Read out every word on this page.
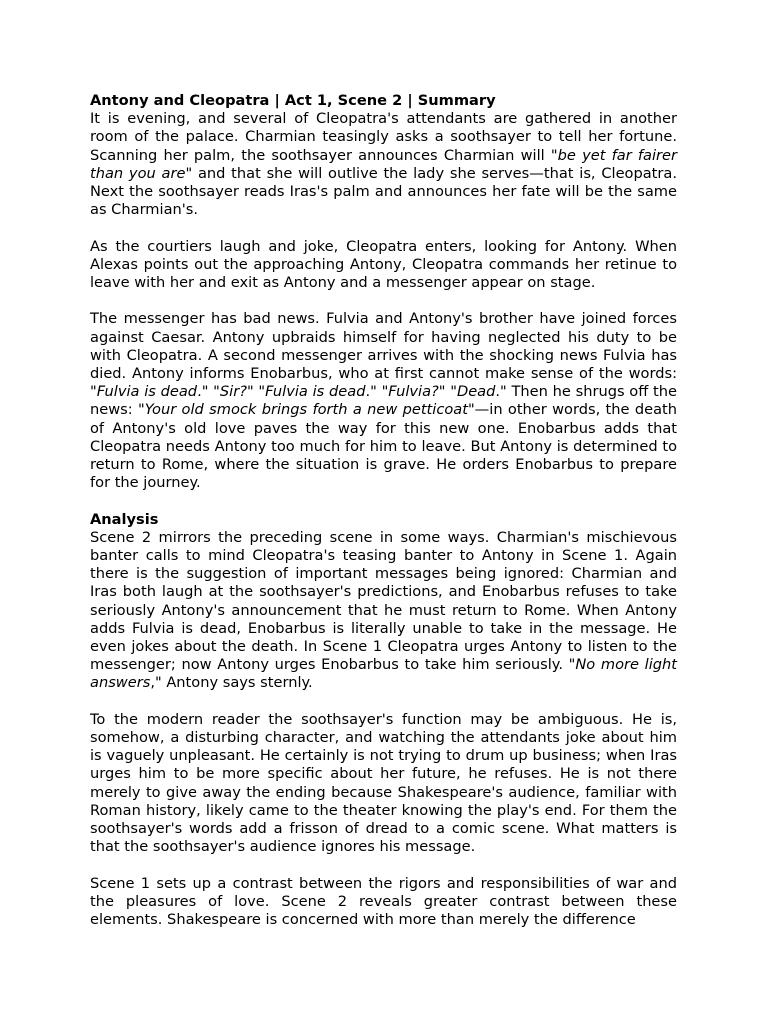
Antony and Cleopatra | Act 1, Scene 2 | Summary

It is evening, and several of Cleopatra's attendants are gathered in another room of the palace. Charmian teasingly asks a soothsayer to tell her fortune. Scanning her palm, the soothsayer announces Charmian will "be yet far fairer than you are" and that she will outlive the lady she serves—that is, Cleopatra. Next the soothsayer reads Iras's palm and announces her fate will be the same as Charmian's.

As the courtiers laugh and joke, Cleopatra enters, looking for Antony. When Alexas points out the approaching Antony, Cleopatra commands her retinue to leave with her and exit as Antony and a messenger appear on stage.

The messenger has bad news. Fulvia and Antony's brother have joined forces against Caesar. Antony upbraids himself for having neglected his duty to be with Cleopatra. A second messenger arrives with the shocking news Fulvia has died. Antony informs Enobarbus, who at first cannot make sense of the words: "Fulvia is dead." "Sir?" "Fulvia is dead." "Fulvia?" "Dead." Then he shrugs off the news: "Your old smock brings forth a new petticoat"—in other words, the death of Antony's old love paves the way for this new one. Enobarbus adds that Cleopatra needs Antony too much for him to leave. But Antony is determined to return to Rome, where the situation is grave. He orders Enobarbus to prepare for the journey.

Analysis

Scene 2 mirrors the preceding scene in some ways. Charmian's mischievous banter calls to mind Cleopatra's teasing banter to Antony in Scene 1. Again there is the suggestion of important messages being ignored: Charmian and Iras both laugh at the soothsayer's predictions, and Enobarbus refuses to take seriously Antony's announcement that he must return to Rome. When Antony adds Fulvia is dead, Enobarbus is literally unable to take in the message. He even jokes about the death. In Scene 1 Cleopatra urges Antony to listen to the messenger; now Antony urges Enobarbus to take him seriously. "No more light answers," Antony says sternly.

To the modern reader the soothsayer's function may be ambiguous. He is, somehow, a disturbing character, and watching the attendants joke about him is vaguely unpleasant. He certainly is not trying to drum up business; when Iras urges him to be more specific about her future, he refuses. He is not there merely to give away the ending because Shakespeare's audience, familiar with Roman history, likely came to the theater knowing the play's end. For them the soothsayer's words add a frisson of dread to a comic scene. What matters is that the soothsayer's audience ignores his message.

Scene 1 sets up a contrast between the rigors and responsibilities of war and the pleasures of love. Scene 2 reveals greater contrast between these elements. Shakespeare is concerned with more than merely the difference
